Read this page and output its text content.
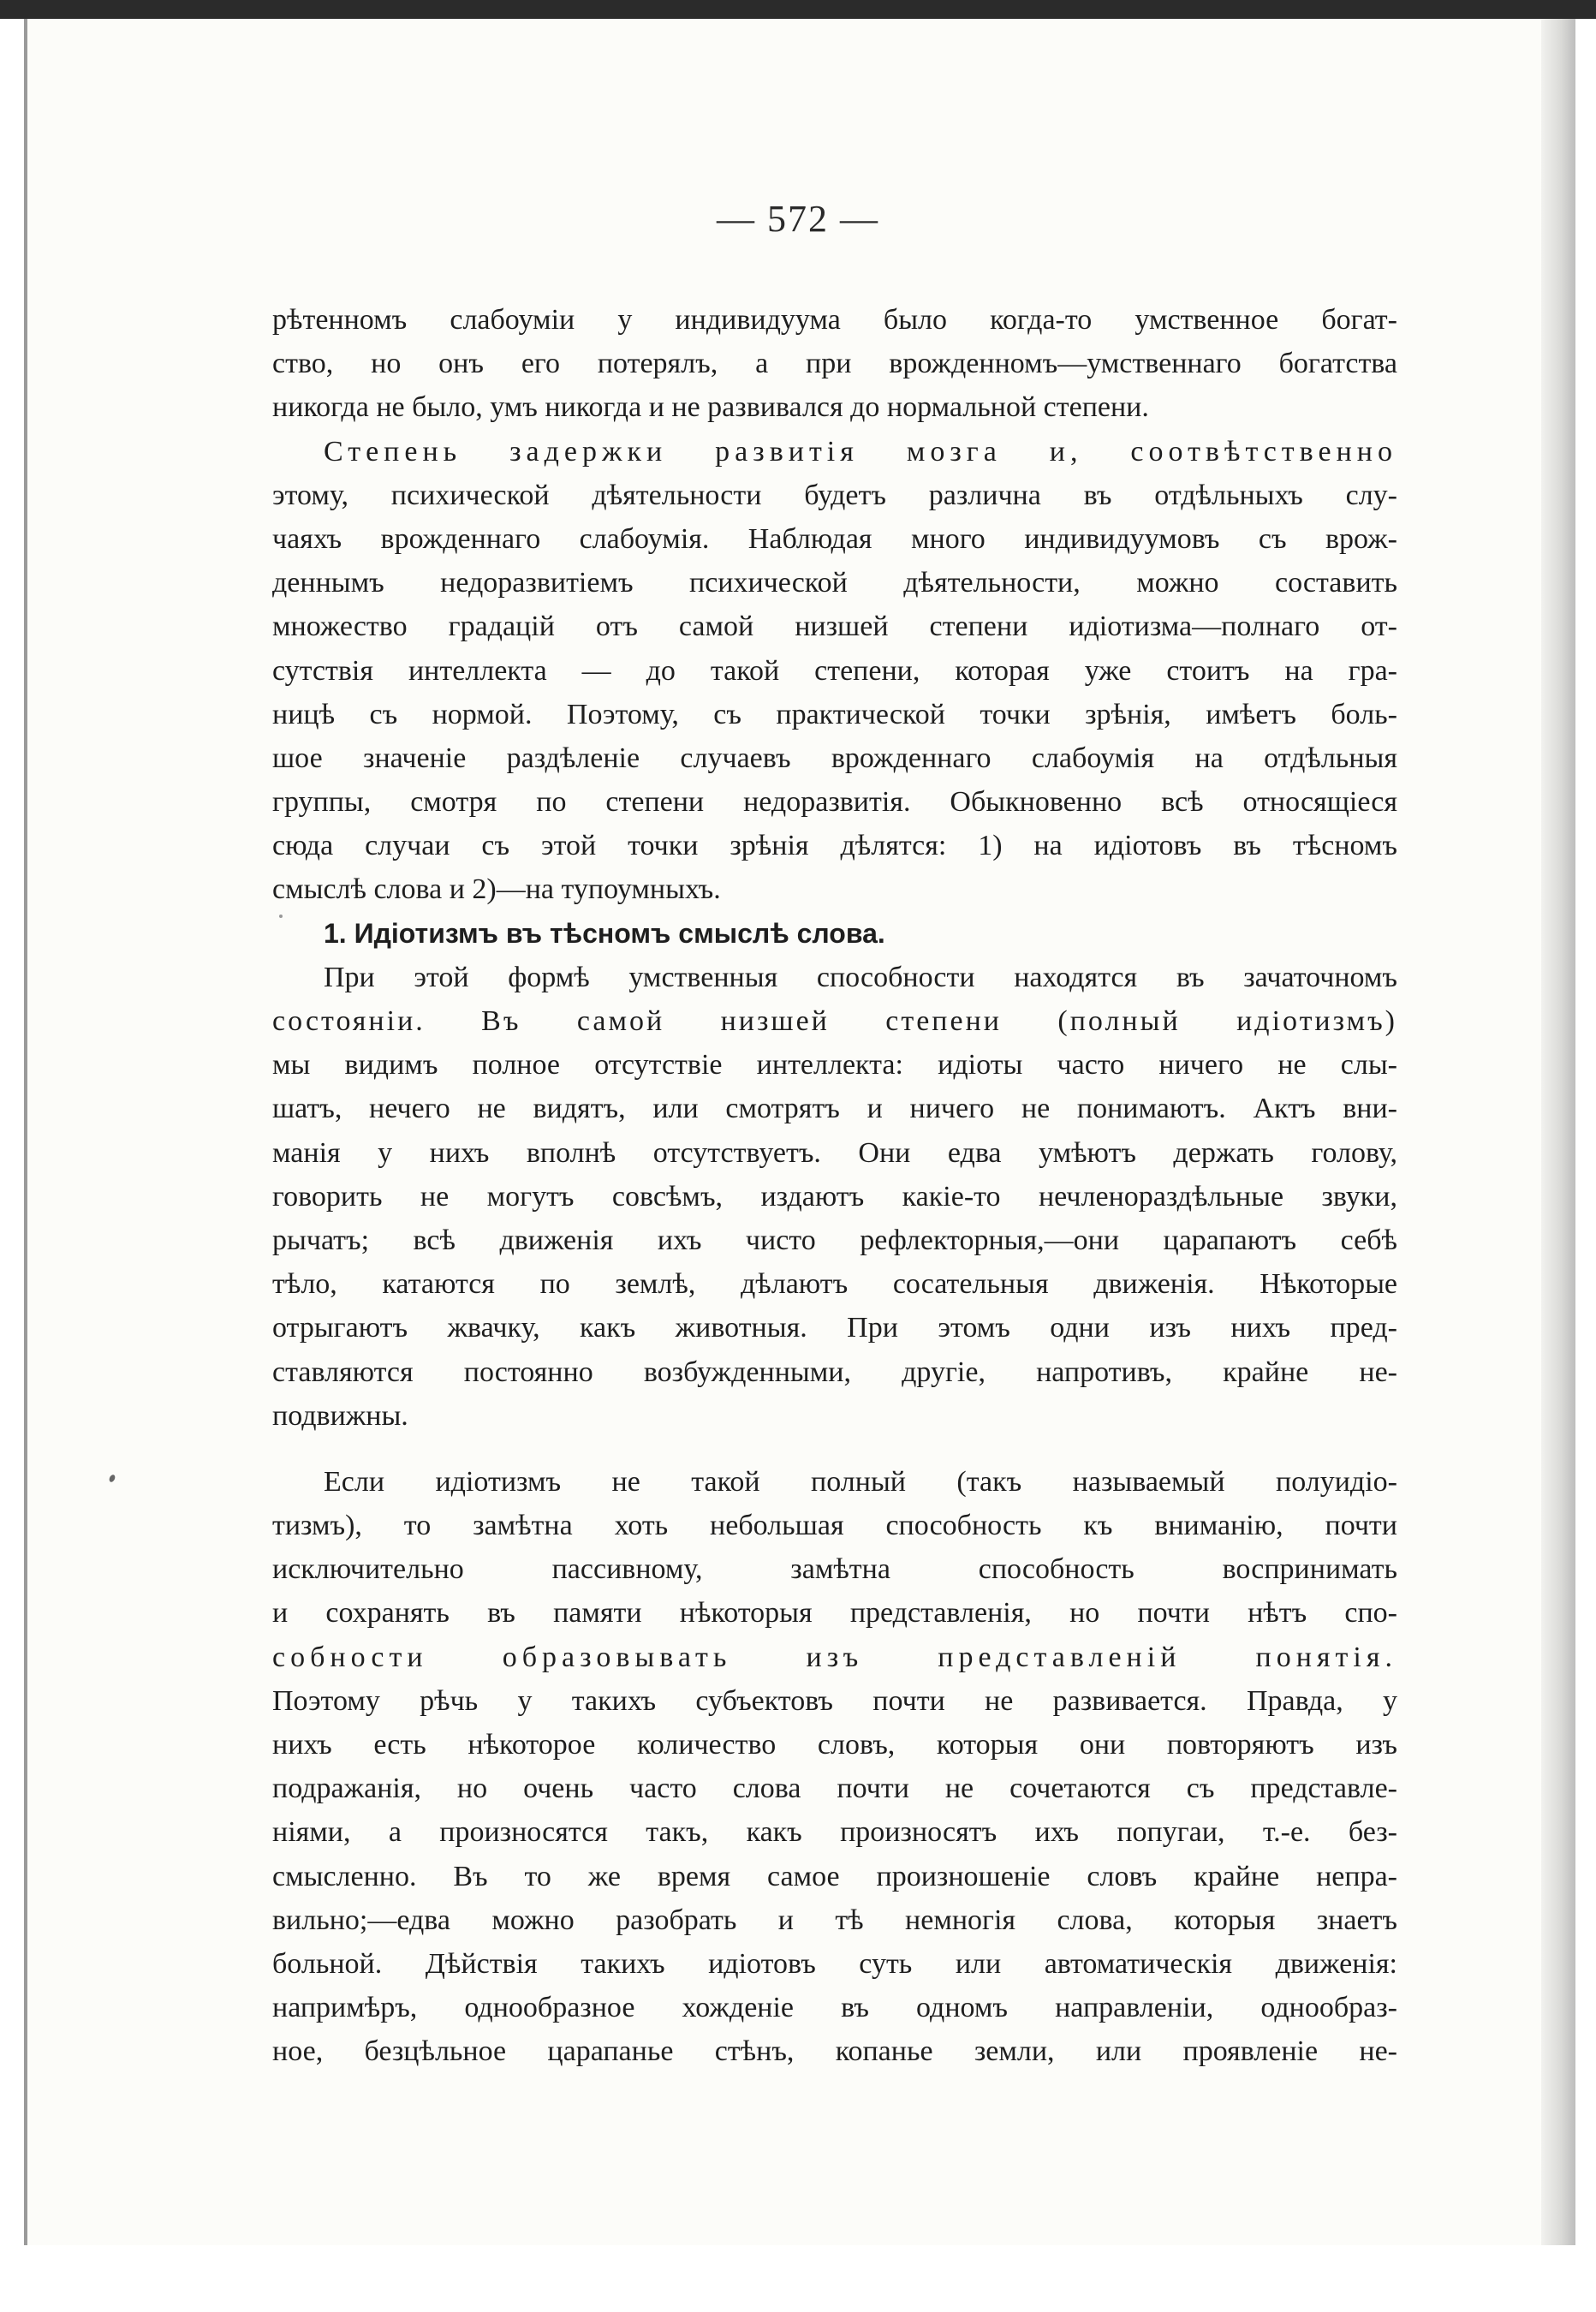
— 572 —
рѣтенномъ слабоумiи у индивидуума было когда-то умственное богат-
ство, но онъ его потерялъ, а при врожденномъ—умственнаго богатства
никогда не было, умъ никогда и не развивался до нормальной степени.
Степень задержки развитiя мозга и, соотвѣтственно
этому, психической дѣятельности будетъ различна въ отдѣльныхъ слу-
чаяхъ врожденнаго слабоумiя. Наблюдая много индивидуумовъ съ врож-
деннымъ недоразвитiемъ психической дѣятельности, можно составить
множество градацiй отъ самой низшей степени идiотизма—полнаго от-
сутствiя интеллекта — до такой степени, которая уже стоитъ на гра-
ницѣ съ нормой. Поэтому, съ практической точки зрѣнiя, имѣетъ боль-
шое значенiе раздѣленiе случаевъ врожденнаго слабоумiя на отдѣльныя
группы, смотря по степени недоразвитiя. Обыкновенно всѣ относящiеся
сюда случаи съ этой точки зрѣнiя дѣлятся: 1) на идiотовъ въ тѣсномъ
смыслѣ слова и 2)—на тупоумныхъ.
1. Идiотизмъ въ тѣсномъ смыслѣ слова.
При этой формѣ умственныя способности находятся въ зачаточномъ
состоянiи. Въ самой низшей степени (полный идiотизмъ)
мы видимъ полное отсутствiе интеллекта: идiоты часто ничего не слы-
шатъ, нечего не видятъ, или смотрятъ и ничего не понимаютъ. Актъ вни-
манiя у нихъ вполнѣ отсутствуетъ. Они едва умѣютъ держать голову,
говорить не могутъ совсѣмъ, издаютъ какiе-то нечленораздѣльные звуки,
рычатъ; всѣ движенiя ихъ чисто рефлекторныя,—они царапаютъ себѣ
тѣло, катаются по землѣ, дѣлаютъ сосательныя движенiя. Нѣкоторые
отрыгаютъ жвачку, какъ животныя. При этомъ одни изъ нихъ пред-
ставляются постоянно возбужденными, другiе, напротивъ, крайне не-
подвижны.
Если идiотизмъ не такой полный (такъ называемый полуидiо-
тизмъ), то замѣтна хоть небольшая способность къ вниманiю, почти
исключительно пассивному, замѣтна способность воспринимать
и сохранять въ памяти нѣкоторыя представленiя, но почти нѣтъ спо-
собности образовывать изъ представленiй понятiя.
Поэтому рѣчь у такихъ субъектовъ почти не развивается. Правда, у
нихъ есть нѣкоторое количество словъ, которыя они повторяютъ изъ
подражанiя, но очень часто слова почти не сочетаются съ представле-
нiями, а произносятся такъ, какъ произносятъ ихъ попугаи, т.-е. без-
смысленно. Въ то же время самое произношенiе словъ крайне непра-
вильно;—едва можно разобрать и тѣ немногiя слова, которыя знаетъ
больной. Дѣйствiя такихъ идiотовъ суть или автоматическiя движенiя:
напримѣръ, однообразное хожденiе въ одномъ направленiи, однообраз-
ное, безцѣльное царапанье стѣнъ, копанье земли, или проявленiе не-
